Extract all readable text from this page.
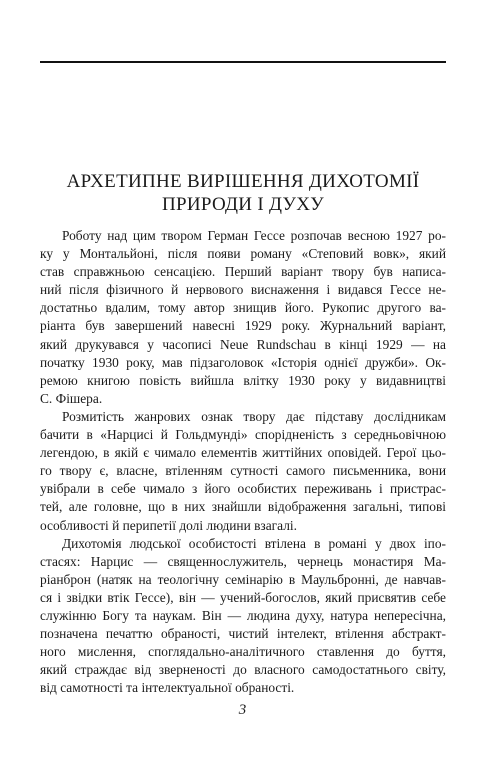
АРХЕТИПНЕ ВИРІШЕННЯ ДИХОТОМІЇ
ПРИРОДИ І ДУХУ
Роботу над цим твором Герман Гессе розпочав весною 1927 ро-
ку у Монтальйоні, після появи роману «Степовий вовк», який
став справжньою сенсацією. Перший варіант твору був написа-
ний після фізичного й нервового виснаження і видався Гессе не-
достатньо вдалим, тому автор знищив його. Рукопис другого ва-
ріанта був завершений навесні 1929 року. Журнальний варіант,
який друкувався у часописі Neue Rundschau в кінці 1929 — на
початку 1930 року, мав підзаголовок «Історія однієї дружби». Ок-
ремою книгою повість вийшла влітку 1930 року у видавництві
С. Фішера.
Розмитість жанрових ознак твору дає підставу дослідникам
бачити в «Нарцисі й Гольдмунді» спорідненість з середньовічною
легендою, в якій є чимало елементів життійних оповідей. Герої цьо-
го твору є, власне, втіленням сутності самого письменника, вони
увібрали в себе чимало з його особистих переживань і пристрас-
тей, але головне, що в них знайшли відображення загальні, типові
особливості й перипетії долі людини взагалі.
Дихотомія людської особистості втілена в романі у двох іпо-
стасях: Нарцис — священнослужитель, чернець монастиря Ма-
ріанброн (натяк на теологічну семінарію в Маульбронні, де навчав-
ся і звідки втік Гессе), він — учений-богослов, який присвятив себе
служінню Богу та наукам. Він — людина духу, натура непересічна,
позначена печаттю обраності, чистий інтелект, втілення абстракт-
ного мислення, споглядально-аналітичного ставлення до буття,
який страждає від зверненості до власного самодостатнього світу,
від самотності та інтелектуальної обраності.
3
